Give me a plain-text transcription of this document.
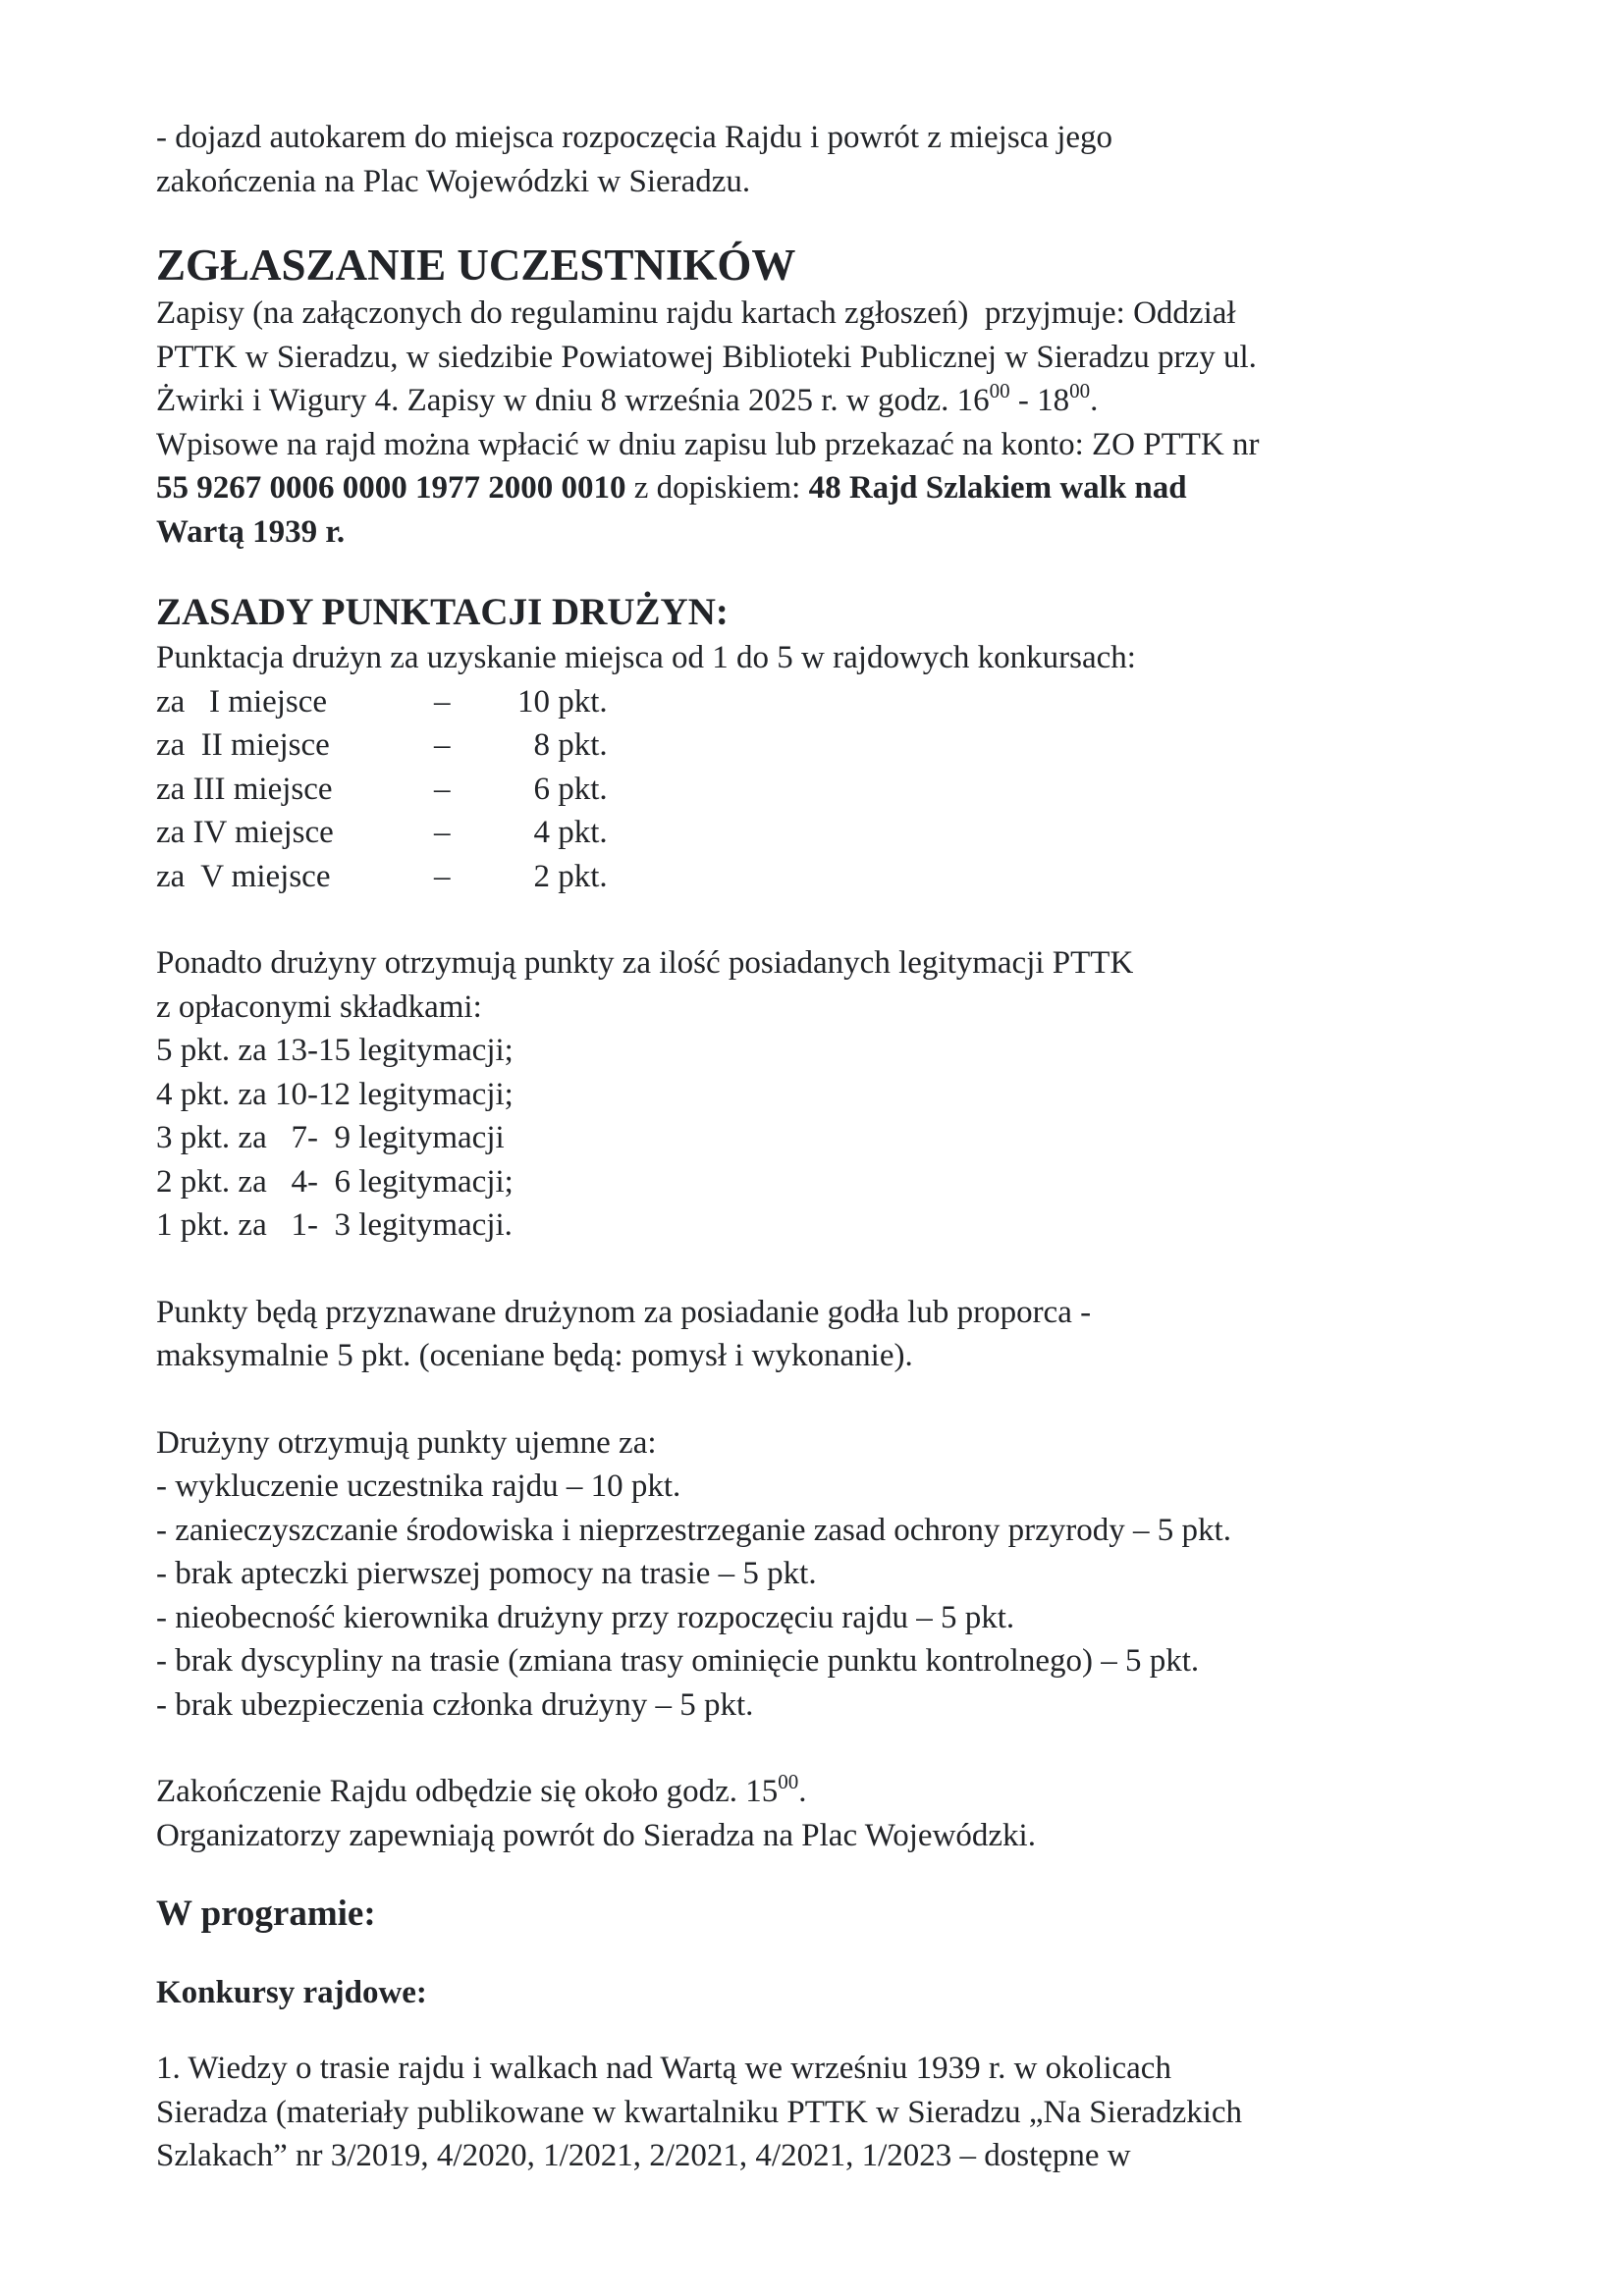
- dojazd autokarem do miejsca rozpoczęcia Rajdu i powrót z miejsca jego

zakończenia na Plac Wojewódzki w Sieradzu.

ZGŁASZANIE UCZESTNIKÓW

Zapisy (na załączonych do regulaminu rajdu kartach zgłoszeń)  przyjmuje: Oddział

PTTK w Sieradzu, w siedzibie Powiatowej Biblioteki Publicznej w Sieradzu przy ul.

Żwirki i Wigury 4. Zapisy w dniu 8 września 2025 r. w godz. $16^{00} - 18^{00}$.

Wpisowe na rajd można wpłacić w dniu zapisu lub przekazać na konto: ZO PTTK nr

55 9267 0006 0000 1977 2000 0010 z dopiskiem: 48 Rajd Szlakiem walk nad

Wartą 1939 r.

ZASADY PUNKTACJI DRUŻYN:

Punktacja drużyn za uzyskanie miejsca od 1 do 5 w rajdowych konkursach:

za   I miejsce	–	10 pkt.
za  II miejsce	–	8 pkt.
za III miejsce	–	6 pkt.
za IV miejsce	–	4 pkt.
za  V miejsce	–	2 pkt.

Ponadto drużyny otrzymują punkty za ilość posiadanych legitymacji PTTK

z opłaconymi składkami:

5 pkt. za 13-15 legitymacji;

4 pkt. za 10-12 legitymacji;

3 pkt. za   7-  9 legitymacji

2 pkt. za   4-  6 legitymacji;

1 pkt. za   1-  3 legitymacji.

Punkty będą przyznawane drużynom za posiadanie godła lub proporca -

maksymalnie 5 pkt. (oceniane będą: pomysł i wykonanie).

Drużyny otrzymują punkty ujemne za:

- wykluczenie uczestnika rajdu – 10 pkt.

- zanieczyszczanie środowiska i nieprzestrzeganie zasad ochrony przyrody – 5 pkt.

- brak apteczki pierwszej pomocy na trasie – 5 pkt.

- nieobecność kierownika drużyny przy rozpoczęciu rajdu – 5 pkt.

- brak dyscypliny na trasie (zmiana trasy ominięcie punktu kontrolnego) – 5 pkt.

- brak ubezpieczenia członka drużyny – 5 pkt.

Zakończenie Rajdu odbędzie się około godz. $15^{00}$.

Organizatorzy zapewniają powrót do Sieradza na Plac Wojewódzki.

W programie:
Konkursy rajdowe:

1. Wiedzy o trasie rajdu i walkach nad Wartą we wrześniu 1939 r. w okolicach

Sieradza (materiały publikowane w kwartalniku PTTK w Sieradzu „Na Sieradzkich

Szlakach” nr 3/2019, 4/2020, 1/2021, 2/2021, 4/2021, 1/2023 – dostępne w
